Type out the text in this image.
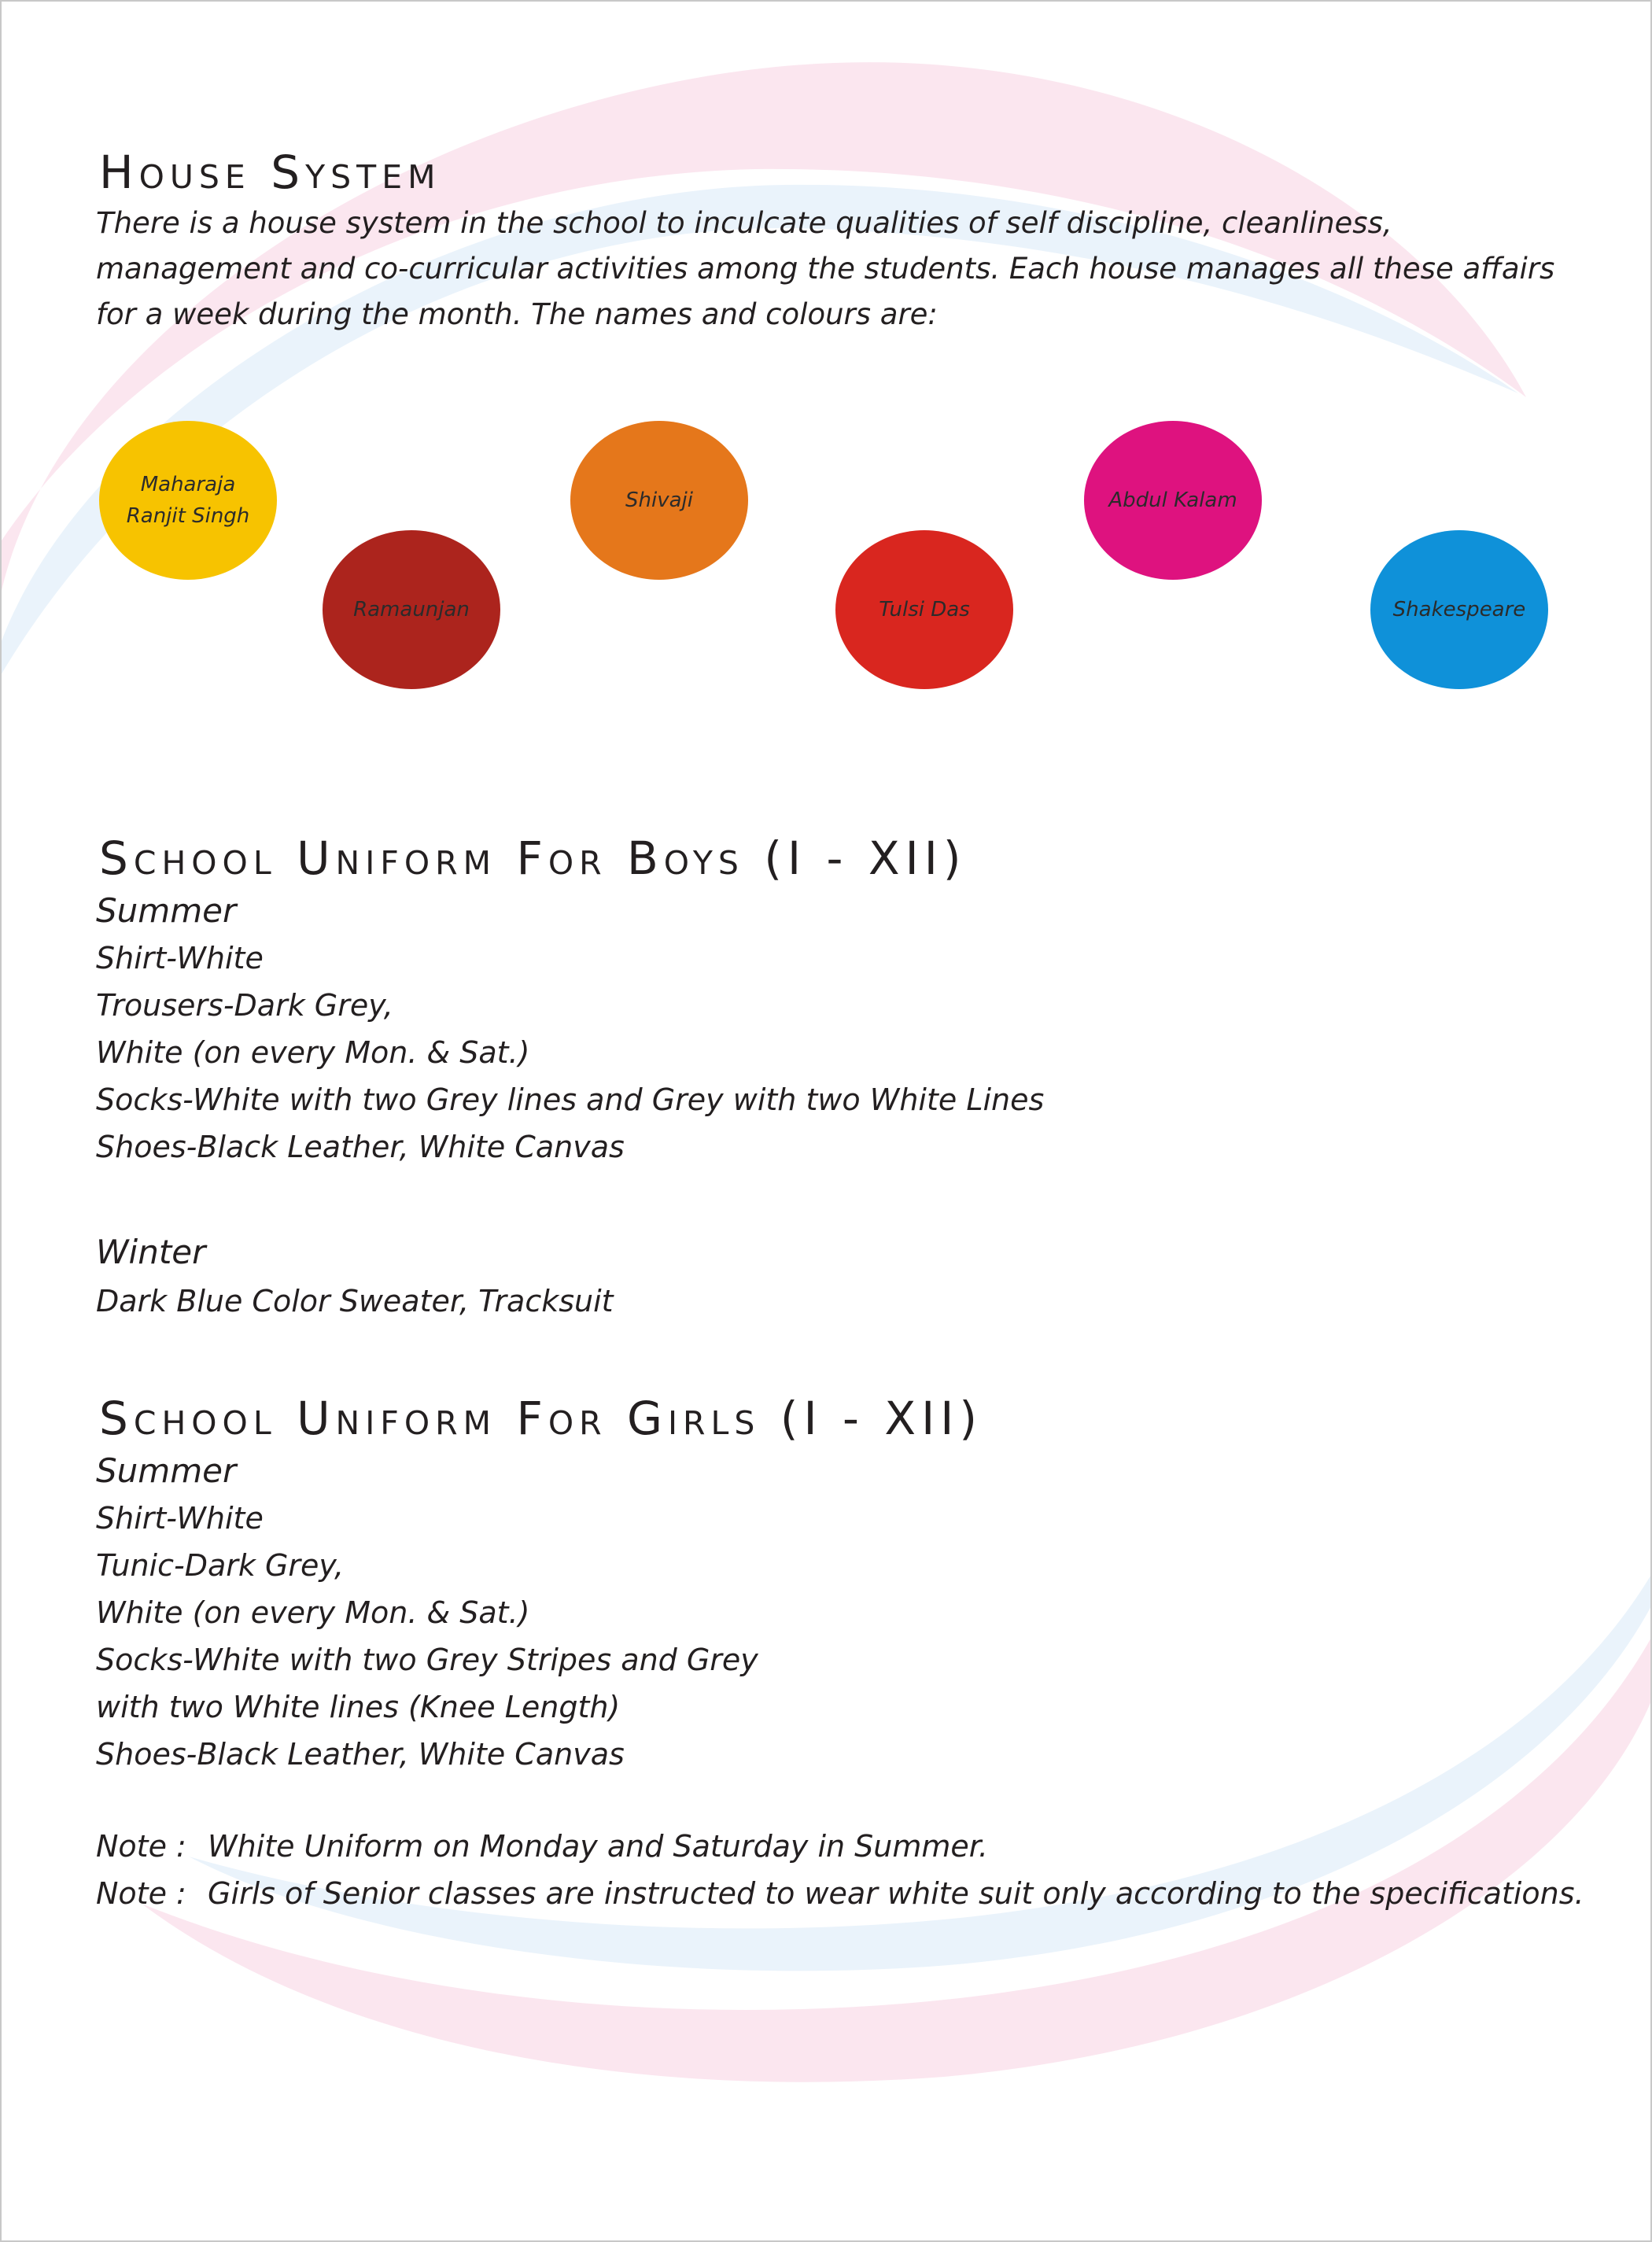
House System

There is a house system in the school to inculcate qualities of self discipline, cleanliness, management and co-curricular activities among the students. Each house manages all these affairs for a week during the month. The names and colours are:

Maharaja
Ranjit Singh
Ramaunjan
Shivaji
Tulsi Das
Abdul Kalam
Shakespeare
School Uniform For Boys (I - XII)
Summer
Shirt-White
Trousers-Dark Grey,
White (on every Mon. & Sat.)
Socks-White with two Grey lines and Grey with two White Lines
Shoes-Black Leather, White Canvas
Winter
Dark Blue Color Sweater, Tracksuit
School Uniform For Girls (I - XII)
Summer
Shirt-White
Tunic-Dark Grey,
White (on every Mon. & Sat.)
Socks-White with two Grey Stripes and Grey
with two White lines (Knee Length)
Shoes-Black Leather, White Canvas
Note : White Uniform on Monday and Saturday in Summer.
Note : Girls of Senior classes are instructed to wear white suit only according to the specifications.
